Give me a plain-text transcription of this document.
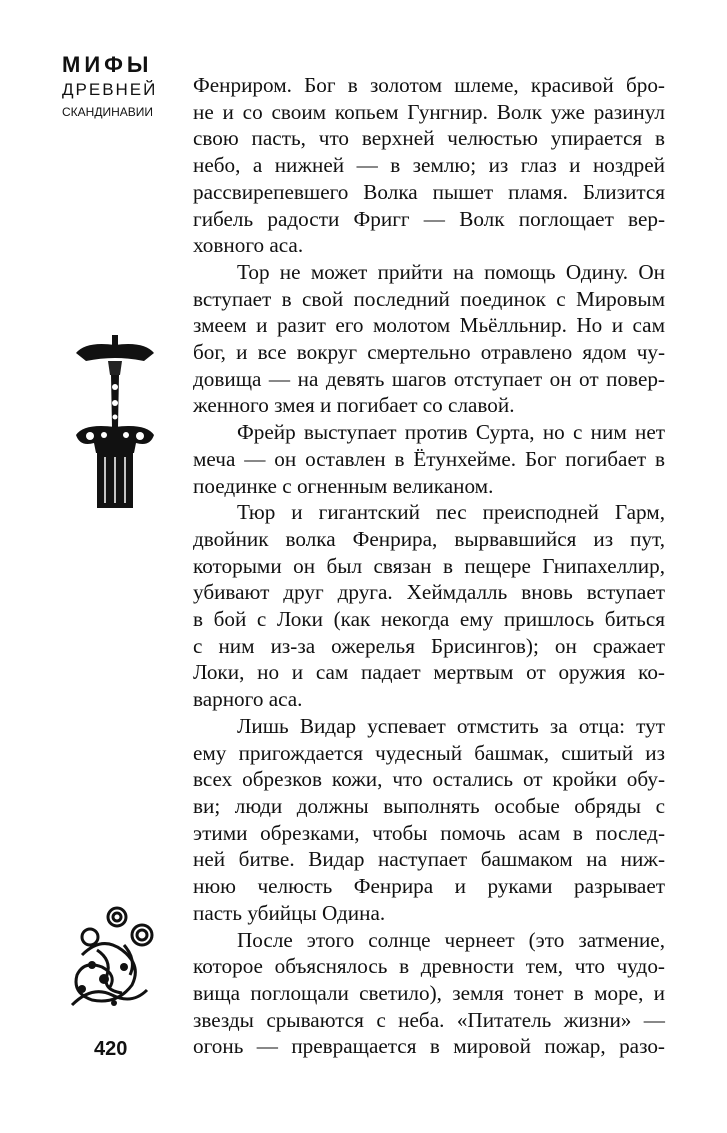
МИФЫ
ДРЕВНЕЙ
СКАНДИНАВИИ

Фенриром. Бог в золотом шлеме, красивой бро-

не и со своим копьем Гунгнир. Волк уже разинул

свою пасть, что верхней челюстью упирается в

небо, а нижней — в землю; из глаз и ноздрей

рассвирепевшего Волка пышет пламя. Близится

гибель радости Фригг — Волк поглощает вер-

ховного аса.

Тор не может прийти на помощь Одину. Он

вступает в свой последний поединок с Мировым

змеем и разит его молотом Мьёлльнир. Но и сам

бог, и все вокруг смертельно отравлено ядом чу-

довища — на девять шагов отступает он от повер-

женного змея и погибает со славой.

Фрейр выступает против Сурта, но с ним нет

меча — он оставлен в Ётунхейме. Бог погибает в

поединке с огненным великаном.

Тюр и гигантский пес преисподней Гарм,

двойник волка Фенрира, вырвавшийся из пут,

которыми он был связан в пещере Гнипахеллир,

убивают друг друга. Хеймдалль вновь вступает

в бой с Локи (как некогда ему пришлось биться

с ним из-за ожерелья Брисингов); он сражает

Локи, но и сам падает мертвым от оружия ко-

варного аса.

Лишь Видар успевает отмстить за отца: тут

ему пригождается чудесный башмак, сшитый из

всех обрезков кожи, что остались от кройки обу-

ви; люди должны выполнять особые обряды с

этими обрезками, чтобы помочь асам в послед-

ней битве. Видар наступает башмаком на ниж-

нюю челюсть Фенрира и руками разрывает

пасть убийцы Одина.

После этого солнце чернеет (это затмение,

которое объяснялось в древности тем, что чудо-

вища поглощали светило), земля тонет в море, и

звезды срываются с неба. «Питатель жизни» —

огонь — превращается в мировой пожар, разо-

420
